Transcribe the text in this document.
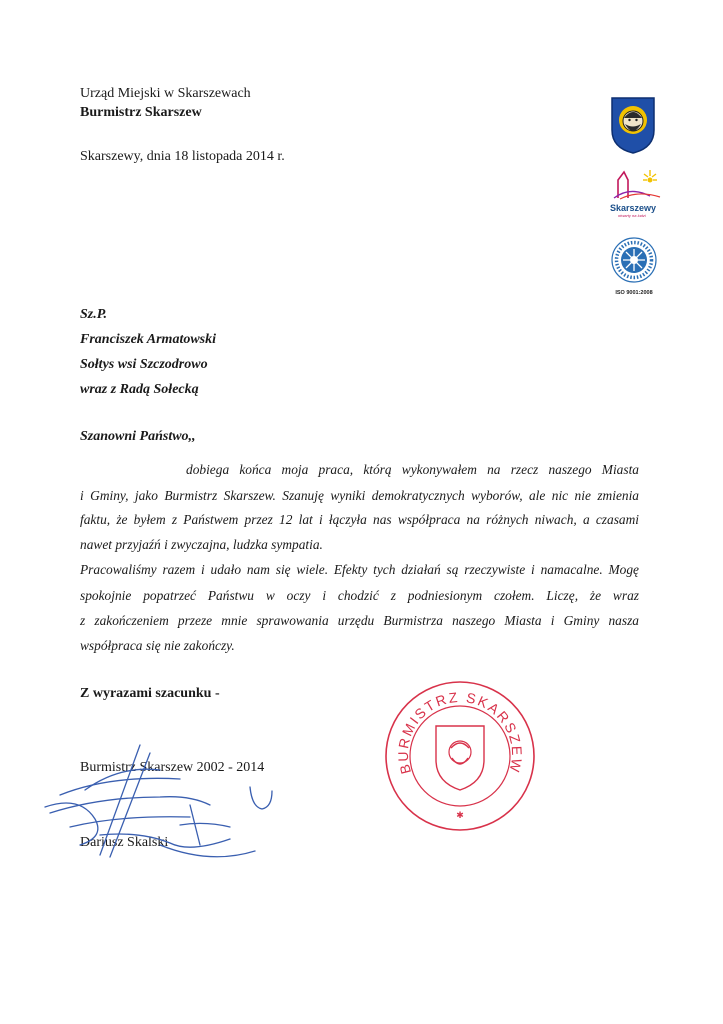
Urząd Miejski w Skarszewach
Burmistrz Skarszew
Skarszewy, dnia 18 listopada 2014 r.
Skarszewy
otwarty na ludzi
ISO 9001:2008
Sz.P.
Franciszek Armatowski
Sołtys wsi Szczodrowo
wraz z Radą Sołecką
Szanowni Państwo,,
dobiega końca moja praca, którą wykonywałem na rzecz naszego Miasta
i Gminy, jako Burmistrz Skarszew. Szanuję wyniki demokratycznych wyborów, ale nic nie zmienia
faktu, że byłem z Państwem przez 12 lat i łączyła nas współpraca na różnych niwach, a czasami
nawet przyjaźń i zwyczajna, ludzka sympatia.
Pracowaliśmy razem i udało nam się wiele. Efekty tych działań są rzeczywiste i namacalne. Mogę
spokojnie popatrzeć Państwu w oczy i chodzić z podniesionym czołem. Liczę, że wraz
z zakończeniem przeze mnie sprawowania urzędu Burmistrza naszego Miasta i Gminy nasza
współpraca się nie zakończy.
Z wyrazami szacunku -
Burmistrz Skarszew 2002 - 2014
Dariusz Skalski
BURMISTRZ SKARSZEW
✱
